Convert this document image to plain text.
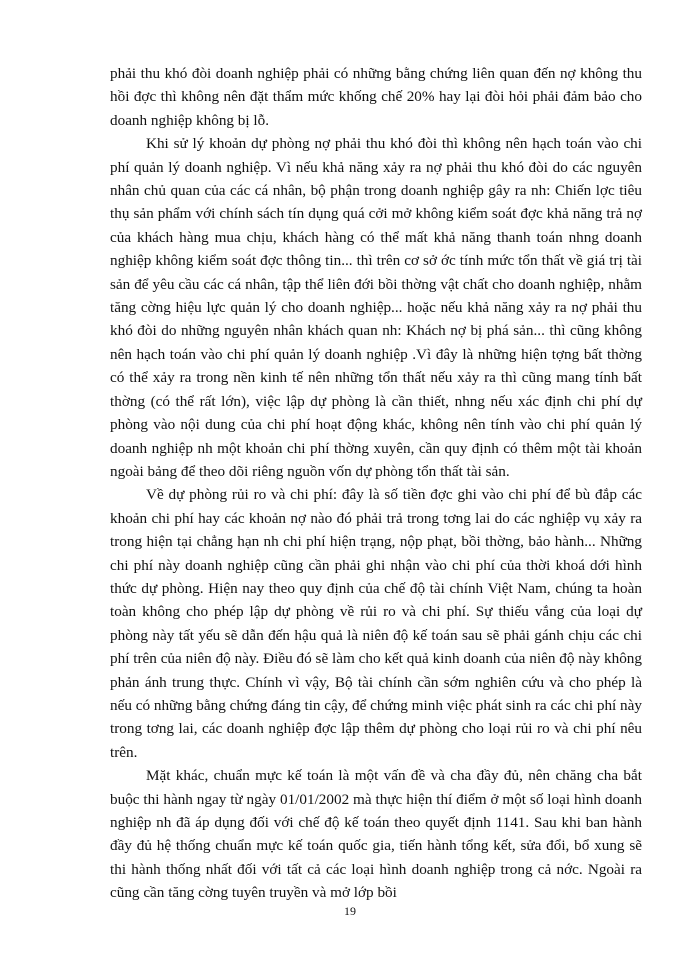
phải thu khó đòi doanh nghiệp phải có những bằng chứng liên quan đến nợ không thu hồi đợc thì không nên đặt thẩm mức khống chế 20% hay lại đòi hỏi phải đảm bảo cho doanh nghiệp không bị lỗ.

Khi sử lý khoản dự phòng nợ phải thu khó đòi thì không nên hạch toán vào chi phí quản lý doanh nghiệp. Vì nếu khả năng xảy ra nợ phải thu khó đòi do các nguyên nhân chủ quan của các cá nhân, bộ phận trong doanh nghiệp gây ra nh: Chiến lợc tiêu thụ sản phẩm với chính sách tín dụng quá cởi mở không kiểm soát đợc khả năng trả nợ của khách hàng mua chịu, khách hàng có thể mất khả năng thanh toán nhng doanh nghiệp không kiểm soát đợc thông tin... thì trên cơ sở ớc tính mức tổn thất về giá trị tài sản để yêu cầu các cá nhân, tập thể liên đới bồi thờng vật chất cho doanh nghiệp, nhằm tăng cờng hiệu lực quản lý cho doanh nghiệp... hoặc nếu khả năng xảy ra nợ phải thu khó đòi do những nguyên nhân khách quan nh: Khách nợ bị phá sản... thì cũng không nên hạch toán vào chi phí quản lý doanh nghiệp .Vì đây là những hiện tợng bất thờng có thể xảy ra trong nền kinh tế nên những tổn thất nếu xảy ra thì cũng mang tính bất thờng (có thể rất lớn), việc lập dự phòng là cần thiết, nhng nếu xác định chi phí dự phòng vào nội dung của chi phí hoạt động khác, không nên tính vào chi phí quản lý doanh nghiệp nh một khoản chi phí thờng xuyên, cần quy định có thêm một tài khoản ngoài bảng để theo dõi riêng nguồn vốn dự phòng tổn thất tài sản.

Về dự phòng rủi ro và chi phí: đây là số tiền đợc ghi vào chi phí để bù đắp các khoản chi phí hay các khoản nợ nào đó phải trả trong tơng lai do các nghiệp vụ xảy ra trong hiện tại chẳng hạn nh chi phí hiện trạng, nộp phạt, bồi thờng, bảo hành... Những chi phí này doanh nghiệp cũng cần phải ghi nhận vào chi phí của thời khoá dới hình thức dự phòng. Hiện nay theo quy định của chế độ tài chính Việt Nam, chúng ta hoàn toàn không cho phép lập dự phòng về rủi ro và chi phí. Sự thiếu vắng của loại dự phòng này tất yếu sẽ dẫn đến hậu quả là niên độ kế toán sau sẽ phải gánh chịu các chi phí trên của niên độ này. Điều đó sẽ làm cho kết quả kinh doanh của niên độ này không phản ánh trung thực. Chính vì vậy, Bộ tài chính cần sớm nghiên cứu và cho phép là nếu có những bằng chứng đáng tin cậy, để chứng minh việc phát sinh ra các chi phí này trong tơng lai, các doanh nghiệp đợc lập thêm dự phòng cho loại rủi ro và chi phí nêu trên.

Mặt khác, chuẩn mực kế toán là một vấn đề và cha đầy đủ, nên chăng cha bắt buộc thi hành ngay từ ngày 01/01/2002 mà thực hiện thí điểm ở một số loại hình doanh nghiệp nh đã áp dụng đối với chế độ kế toán theo quyết định 1141. Sau khi ban hành đầy đủ hệ thống chuẩn mực kế toán quốc gia, tiến hành tổng kết, sửa đổi, bổ xung sẽ thi hành thống nhất đối với tất cả các loại hình doanh nghiệp trong cả nớc. Ngoài ra cũng cần tăng cờng tuyên truyền và mở lớp bồi

19
